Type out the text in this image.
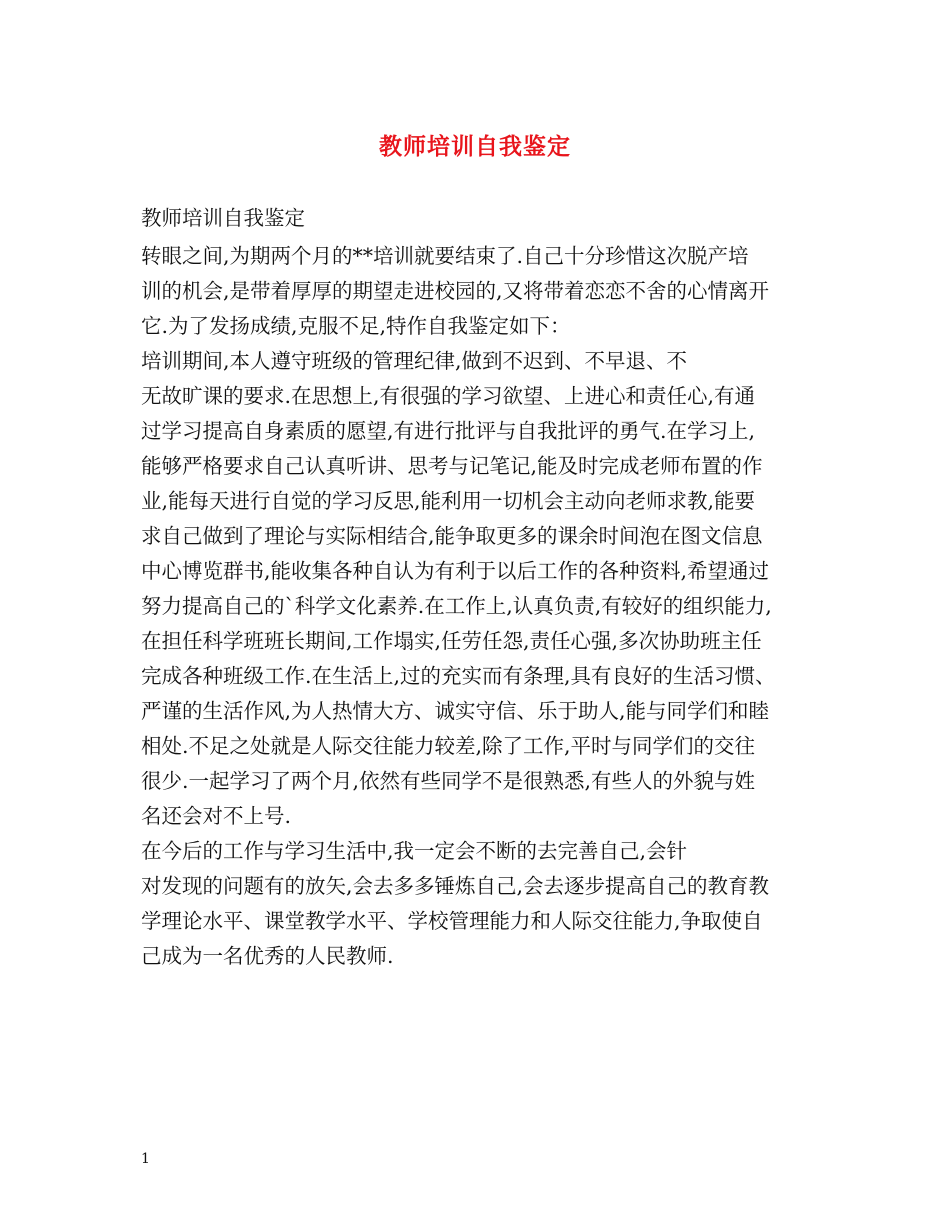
教师培训自我鉴定
教师培训自我鉴定
转眼之间,为期两个月的**培训就要结束了.自己十分珍惜这次脱产培
训的机会,是带着厚厚的期望走进校园的,又将带着恋恋不舍的心情离开
它.为了发扬成绩,克服不足,特作自我鉴定如下：
培训期间,本人遵守班级的管理纪律,做到不迟到、不早退、不
无故旷课的要求.在思想上,有很强的学习欲望、上进心和责任心,有通
过学习提高自身素质的愿望,有进行批评与自我批评的勇气.在学习上,
能够严格要求自己认真听讲、思考与记笔记,能及时完成老师布置的作
业,能每天进行自觉的学习反思,能利用一切机会主动向老师求教,能要
求自己做到了理论与实际相结合,能争取更多的课余时间泡在图文信息
中心博览群书,能收集各种自认为有利于以后工作的各种资料,希望通过
努力提高自己的`科学文化素养.在工作上,认真负责,有较好的组织能力,
在担任科学班班长期间,工作塌实,任劳任怨,责任心强,多次协助班主任
完成各种班级工作.在生活上,过的充实而有条理,具有良好的生活习惯、
严谨的生活作风,为人热情大方、诚实守信、乐于助人,能与同学们和睦
相处.不足之处就是人际交往能力较差,除了工作,平时与同学们的交往
很少.一起学习了两个月,依然有些同学不是很熟悉,有些人的外貌与姓
名还会对不上号.
在今后的工作与学习生活中,我一定会不断的去完善自己,会针
对发现的问题有的放矢,会去多多锤炼自己,会去逐步提高自己的教育教
学理论水平、课堂教学水平、学校管理能力和人际交往能力,争取使自
己成为一名优秀的人民教师.
1
